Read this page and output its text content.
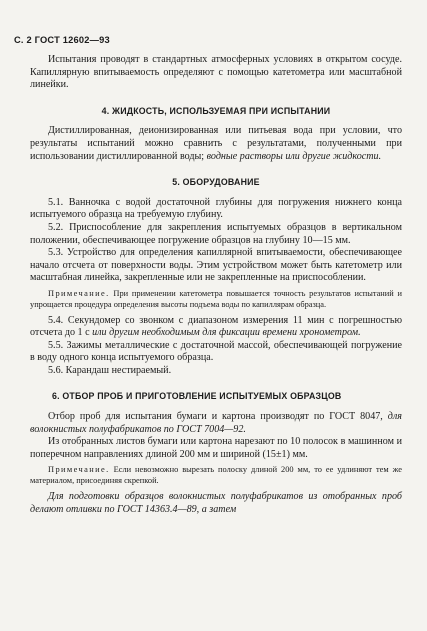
С. 2 ГОСТ 12602—93

Испытания проводят в стандартных атмосферных условиях в открытом сосуде. Капиллярную впитываемость определяют с помощью катетометра или масштабной линейки.

4. ЖИДКОСТЬ, ИСПОЛЬЗУЕМАЯ ПРИ ИСПЫТАНИИ

Дистиллированная, деионизированная или питьевая вода при условии, что результаты испытаний можно сравнить с результатами, полученными при использовании дистиллированной воды; водные растворы или другие жидкости.

5. ОБОРУДОВАНИЕ

5.1. Ванночка с водой достаточной глубины для погружения нижнего конца испытуемого образца на требуемую глубину.

5.2. Приспособление для закрепления испытуемых образцов в вертикальном положении, обеспечивающее погружение образцов на глубину 10—15 мм.

5.3. Устройство для определения капиллярной впитываемости, обеспечивающее начало отсчета от поверхности воды. Этим устройством может быть катетометр или масштабная линейка, закрепленные или не закрепленные на приспособлении.

Примечание. При применении катетометра повышается точность результатов испытаний и упрощается процедура определения высоты подъема воды по капиллярам образца.

5.4. Секундомер со звонком с диапазоном измерения 11 мин с погрешностью отсчета до 1 с или другим необходимым для фиксации времени хронометром.

5.5. Зажимы металлические с достаточной массой, обеспечивающей погружение в воду одного конца испытуемого образца.

5.6. Карандаш нестираемый.

6. ОТБОР ПРОБ И ПРИГОТОВЛЕНИЕ ИСПЫТУЕМЫХ ОБРАЗЦОВ

Отбор проб для испытания бумаги и картона производят по ГОСТ 8047, для волокнистых полуфабрикатов по ГОСТ 7004—92.

Из отобранных листов бумаги или картона нарезают по 10 полосок в машинном и поперечном направлениях длиной 200 мм и шириной (15±1) мм.

Примечание. Если невозможно вырезать полоску длиной 200 мм, то ее удлиняют тем же материалом, присоединяя скрепкой.

Для подготовки образцов волокнистых полуфабрикатов из отобранных проб делают отливки по ГОСТ 14363.4—89, а затем
